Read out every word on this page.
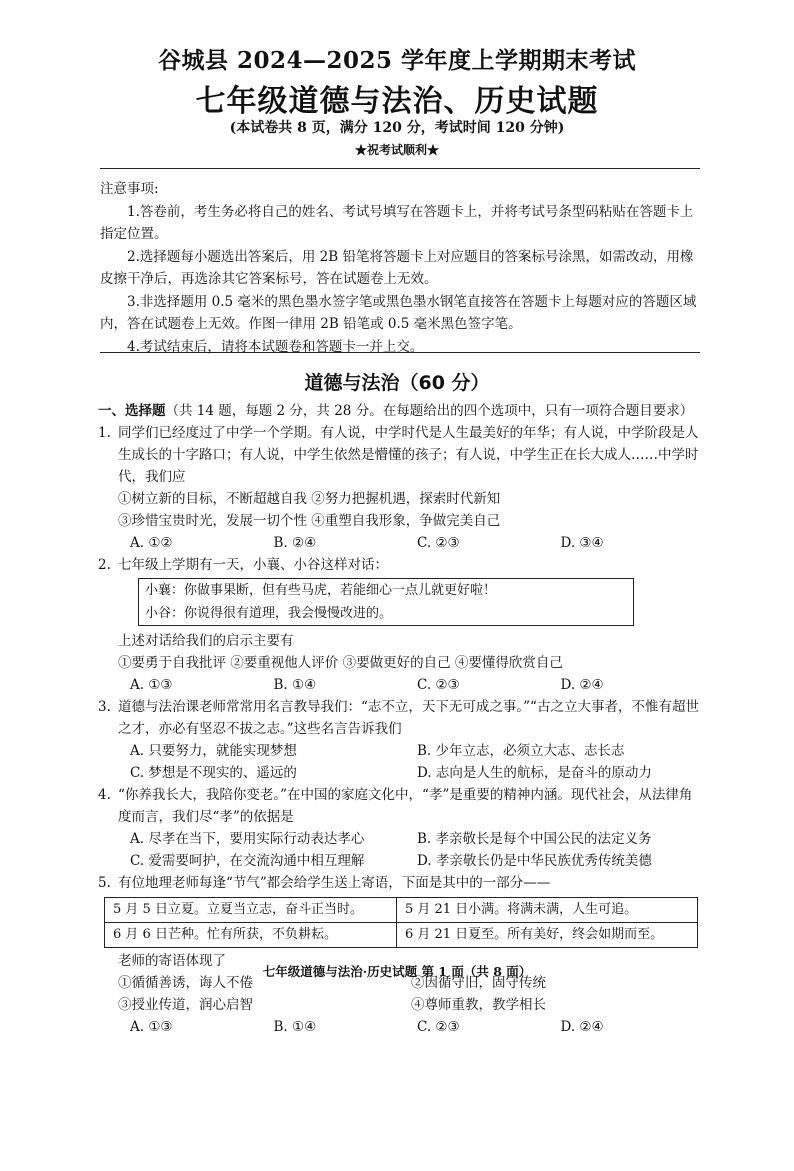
谷城县 2024—2025 学年度上学期期末考试
七年级道德与法治、历史试题
(本试卷共 8 页，满分 120 分，考试时间 120 分钟)
★祝考试顺利★
注意事项:

1.答卷前，考生务必将自己的姓名、考试号填写在答题卡上，并将考试号条型码粘贴在答题卡上指定位置。

2.选择题每小题选出答案后，用 2B 铅笔将答题卡上对应题目的答案标号涂黑，如需改动，用橡皮擦干净后，再选涂其它答案标号，答在试题卷上无效。

3.非选择题用 0.5 毫米的黑色墨水签字笔或黑色墨水钢笔直接答在答题卡上每题对应的答题区域内，答在试题卷上无效。作图一律用 2B 铅笔或 0.5 毫米黑色签字笔。

4.考试结束后，请将本试题卷和答题卡一并上交。

道德与法治（60 分）

一、选择题（共 14 题，每题 2 分，共 28 分。在每题给出的四个选项中，只有一项符合题目要求）

1. 同学们已经度过了中学一个学期。有人说，中学时代是人生最美好的年华；有人说，中学阶段是人生成长的十字路口；有人说，中学生依然是懵懂的孩子；有人说，中学生正在长大成人……中学时代，我们应

①树立新的目标，不断超越自我 ②努力把握机遇，探索时代新知

③珍惜宝贵时光，发展一切个性 ④重塑自我形象，争做完美自己

A. ①②	B. ②④	C. ②③	D. ③④
2. 七年级上学期有一天，小襄、小谷这样对话：

小襄：你做事果断，但有些马虎，若能细心一点儿就更好啦！

小谷：你说得很有道理，我会慢慢改进的。

上述对话给我们的启示主要有

①要勇于自我批评 ②要重视他人评价 ③要做更好的自己 ④要懂得欣赏自己

A. ①③	B. ①④	C. ②③	D. ②④
3. 道德与法治课老师常常用名言教导我们：“志不立，天下无可成之事。”“古之立大事者，不惟有超世之才，亦必有坚忍不拔之志。”这些名言告诉我们

A. 只要努力，就能实现梦想	B. 少年立志，必须立大志、志长志
C. 梦想是不现实的、遥远的	D. 志向是人生的航标，是奋斗的原动力
4. “你养我长大，我陪你变老。”在中国的家庭文化中，“孝”是重要的精神内涵。现代社会，从法律角度而言，我们尽“孝”的依据是

A. 尽孝在当下，要用实际行动表达孝心	B. 孝亲敬长是每个中国公民的法定义务
C. 爱需要呵护，在交流沟通中相互理解	D. 孝亲敬长仍是中华民族优秀传统美德
5. 有位地理老师每逢“节气”都会给学生送上寄语，下面是其中的一部分——

5 月 5 日立夏。立夏当立志，奋斗正当时。	5 月 21 日小满。将满未满，人生可追。
6 月 6 日芒种。忙有所获，不负耕耘。	6 月 21 日夏至。所有美好，终会如期而至。

老师的寄语体现了

①循循善诱，诲人不倦	②因循守旧，固守传统
③授业传道，润心启智	④尊师重教，教学相长
A. ①③	B. ①④	C. ②③	D. ②④
七年级道德与法治·历史试题 第 1 面（共 8 面）
